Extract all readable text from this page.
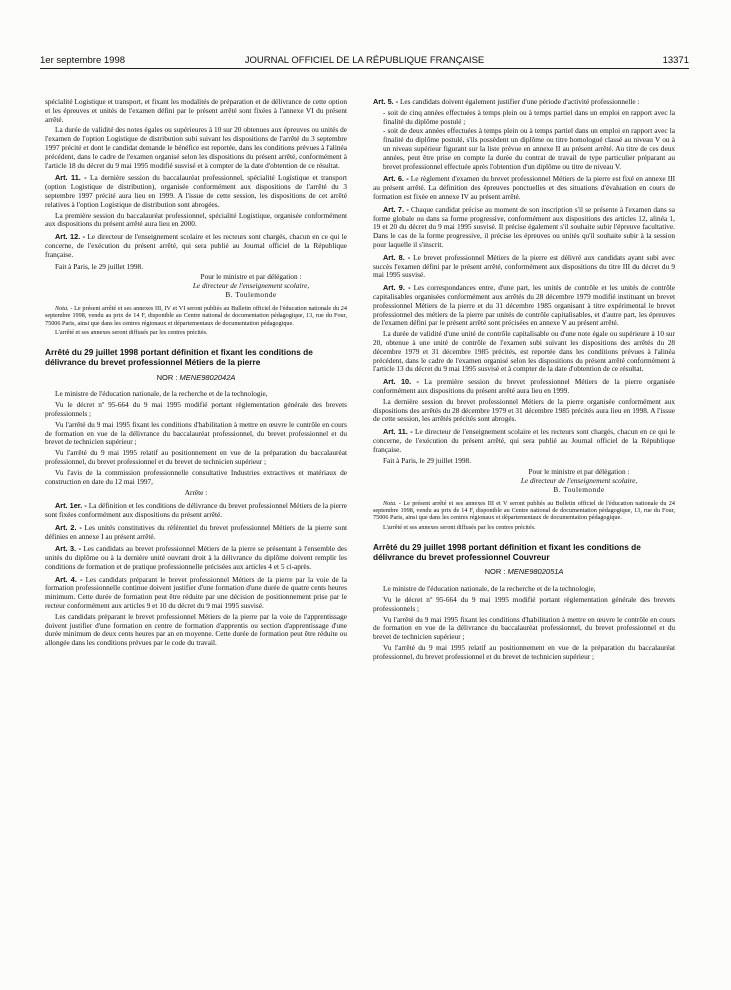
1er septembre 1998	JOURNAL OFFICIEL DE LA RÉPUBLIQUE FRANÇAISE	13371

spécialité Logistique et transport, et fixant les modalités de préparation et de délivrance de cette option et les épreuves et unités de l'examen défini par le présent arrêté sont fixées à l'annexe VI du présent arrêté.

La durée de validité des notes égales ou supérieures à 10 sur 20 obtenues aux épreuves ou unités de l'examen de l'option Logistique de distribution subi suivant les dispositions de l'arrêté du 3 septembre 1997 précité et dont le candidat demande le bénéfice est reportée, dans les conditions prévues à l'alinéa précédent, dans le cadre de l'examen organisé selon les dispositions du présent arrêté, conformément à l'article 18 du décret du 9 mai 1995 modifié susvisé et à compter de la date d'obtention de ce résultat.

Art. 11. - La dernière session du baccalauréat professionnel, spécialité Logistique et transport (option Logistique de distribution), organisée conformément aux dispositions de l'arrêté du 3 septembre 1997 précité aura lieu en 1999. A l'issue de cette session, les dispositions de cet arrêté relatives à l'option Logistique de distribution sont abrogées.

La première session du baccalauréat professionnel, spécialité Logistique, organisée conformément aux dispositions du présent arrêté aura lieu en 2000.

Art. 12. - Le directeur de l'enseignement scolaire et les recteurs sont chargés, chacun en ce qui le concerne, de l'exécution du présent arrêté, qui sera publié au Journal officiel de la République française.

Fait à Paris, le 29 juillet 1998.

Pour le ministre et par délégation :

Le directeur de l'enseignement scolaire,

B. Toulemonde

Nota. - Le présent arrêté et ses annexes III, IV et VI seront publiés au Bulletin officiel de l'éducation nationale du 24 septembre 1998, vendu au prix de 14 F, disponible au Centre national de documentation pédagogique, 13, rue du Four, 75006 Paris, ainsi que dans les centres régionaux et départementaux de documentation pédagogique.

L'arrêté et ses annexes seront diffusés par les centres précités.

Arrêté du 29 juillet 1998 portant définition et fixant les conditions de délivrance du brevet professionnel Métiers de la pierre

NOR : MENE9802042A

Le ministre de l'éducation nationale, de la recherche et de la technologie,

Vu le décret nº 95-664 du 9 mai 1995 modifié portant règlementation générale des brevets professionnels ;

Vu l'arrêté du 9 mai 1995 fixant les conditions d'habilitation à mettre en œuvre le contrôle en cours de formation en vue de la délivrance du baccalauréat professionnel, du brevet professionnel et du brevet de technicien supérieur ;

Vu l'arrêté du 9 mai 1995 relatif au positionnement en vue de la préparation du baccalauréat professionnel, du brevet professionnel et du brevet de technicien supérieur ;

Vu l'avis de la commission professionnelle consultative Industries extractives et matériaux de construction en date du 12 mai 1997,

Arrête :

Art. 1er. - La définition et les conditions de délivrance du brevet professionnel Métiers de la pierre sont fixées conformément aux dispositions du présent arrêté.

Art. 2. - Les unités constitutives du référentiel du brevet professionnel Métiers de la pierre sont définies en annexe I au présent arrêté.

Art. 3. - Les candidats au brevet professionnel Métiers de la pierre se présentant à l'ensemble des unités du diplôme ou à la dernière unité ouvrant droit à la délivrance du diplôme doivent remplir les conditions de formation et de pratique professionnelle précisées aux articles 4 et 5 ci-après.

Art. 4. - Les candidats préparant le brevet professionnel Métiers de la pierre par la voie de la formation professionnelle continue doivent justifier d'une formation d'une durée de quatre cents heures minimum. Cette durée de formation peut être réduite par une décision de positionnement prise par le recteur conformément aux articles 9 et 10 du décret du 9 mai 1995 susvisé.

Les candidats préparant le brevet professionnel Métiers de la pierre par la voie de l'apprentissage doivent justifier d'une formation en centre de formation d'apprentis ou section d'apprentissage d'une durée minimum de deux cents heures par an en moyenne. Cette durée de formation peut être réduite ou allongée dans les conditions prévues par le code du travail.

Art. 5. - Les candidats doivent également justifier d'une période d'activité professionnelle :

- soit de cinq années effectuées à temps plein ou à temps partiel dans un emploi en rapport avec la finalité du diplôme postulé ;

- soit de deux années effectuées à temps plein ou à temps partiel dans un emploi en rapport avec la finalité du diplôme postulé, s'ils possèdent un diplôme ou titre homologué classé au niveau V ou à un niveau supérieur figurant sur la liste prévue en annexe II au présent arrêté. Au titre de ces deux années, peut être prise en compte la durée du contrat de travail de type particulier préparant au brevet professionnel effectuée après l'obtention d'un diplôme ou titre de niveau V.

Art. 6. - Le règlement d'examen du brevet professionnel Métiers de la pierre est fixé en annexe III au présent arrêté. La définition des épreuves ponctuelles et des situations d'évaluation en cours de formation est fixée en annexe IV au présent arrêté.

Art. 7. - Chaque candidat précise au moment de son inscription s'il se présente à l'examen dans sa forme globale ou dans sa forme progressive, conformément aux dispositions des articles 12, alinéa 1, 19 et 20 du décret du 9 mai 1995 susvisé. Il précise également s'il souhaite subir l'épreuve facultative. Dans le cas de la forme progressive, il précise les épreuves ou unités qu'il souhaite subir à la session pour laquelle il s'inscrit.

Art. 8. - Le brevet professionnel Métiers de la pierre est délivré aux candidats ayant subi avec succès l'examen défini par le présent arrêté, conformément aux dispositions du titre III du décret du 9 mai 1995 susvisé.

Art. 9. - Les correspondances entre, d'une part, les unités de contrôle et les unités de contrôle capitalisables organisées conformément aux arrêtés du 28 décembre 1979 modifié instituant un brevet professionnel Métiers de la pierre et du 31 décembre 1985 organisant à titre expérimental le brevet professionnel des métiers de la pierre par unités de contrôle capitalisables, et d'autre part, les épreuves de l'examen défini par le présent arrêté sont précisées en annexe V au présent arrêté.

La durée de validité d'une unité de contrôle capitalisable ou d'une note égale ou supérieure à 10 sur 20, obtenue à une unité de contrôle de l'examen subi suivant les dispositions des arrêtés du 28 décembre 1979 et 31 décembre 1985 précités, est reportée dans les conditions prévues à l'alinéa précédent, dans le cadre de l'examen organisé selon les dispositions du présent arrêté conformément à l'article 13 du décret du 9 mai 1995 susvisé et à compter de la date d'obtention de ce résultat.

Art. 10. - La première session du brevet professionnel Métiers de la pierre organisée conformément aux dispositions du présent arrêté aura lieu en 1999.

La dernière session du brevet professionnel Métiers de la pierre organisée conformément aux dispositions des arrêtés du 28 décembre 1979 et 31 décembre 1985 précités aura lieu en 1998. A l'issue de cette session, les arrêtés précités sont abrogés.

Art. 11. - Le directeur de l'enseignement scolaire et les recteurs sont chargés, chacun en ce qui le concerne, de l'exécution du présent arrêté, qui sera publié au Journal officiel de la République française.

Fait à Paris, le 29 juillet 1998.

Pour le ministre et par délégation :

Le directeur de l'enseignement scolaire,

B. Toulemonde

Nota. - Le présent arrêté et ses annexes III et V seront publiés au Bulletin officiel de l'éducation nationale du 24 septembre 1998, vendu au prix de 14 F, disponible au Centre national de documentation pédagogique, 13, rue du Four, 75006 Paris, ainsi que dans les centres régionaux et départementaux de documentation pédagogique.

L'arrêté et ses annexes seront diffusés par les centres précités.

Arrêté du 29 juillet 1998 portant définition et fixant les conditions de délivrance du brevet professionnel Couvreur

NOR : MENE9802051A

Le ministre de l'éducation nationale, de la recherche et de la technologie,

Vu le décret nº 95-664 du 9 mai 1995 modifié portant règlementation générale des brevets professionnels ;

Vu l'arrêté du 9 mai 1995 fixant les conditions d'habilitation à mettre en œuvre le contrôle en cours de formation en vue de la délivrance du baccalauréat professionnel, du brevet professionnel et du brevet de technicien supérieur ;

Vu l'arrêté du 9 mai 1995 relatif au positionnement en vue de la préparation du baccalauréat professionnel, du brevet professionnel et du brevet de technicien supérieur ;
